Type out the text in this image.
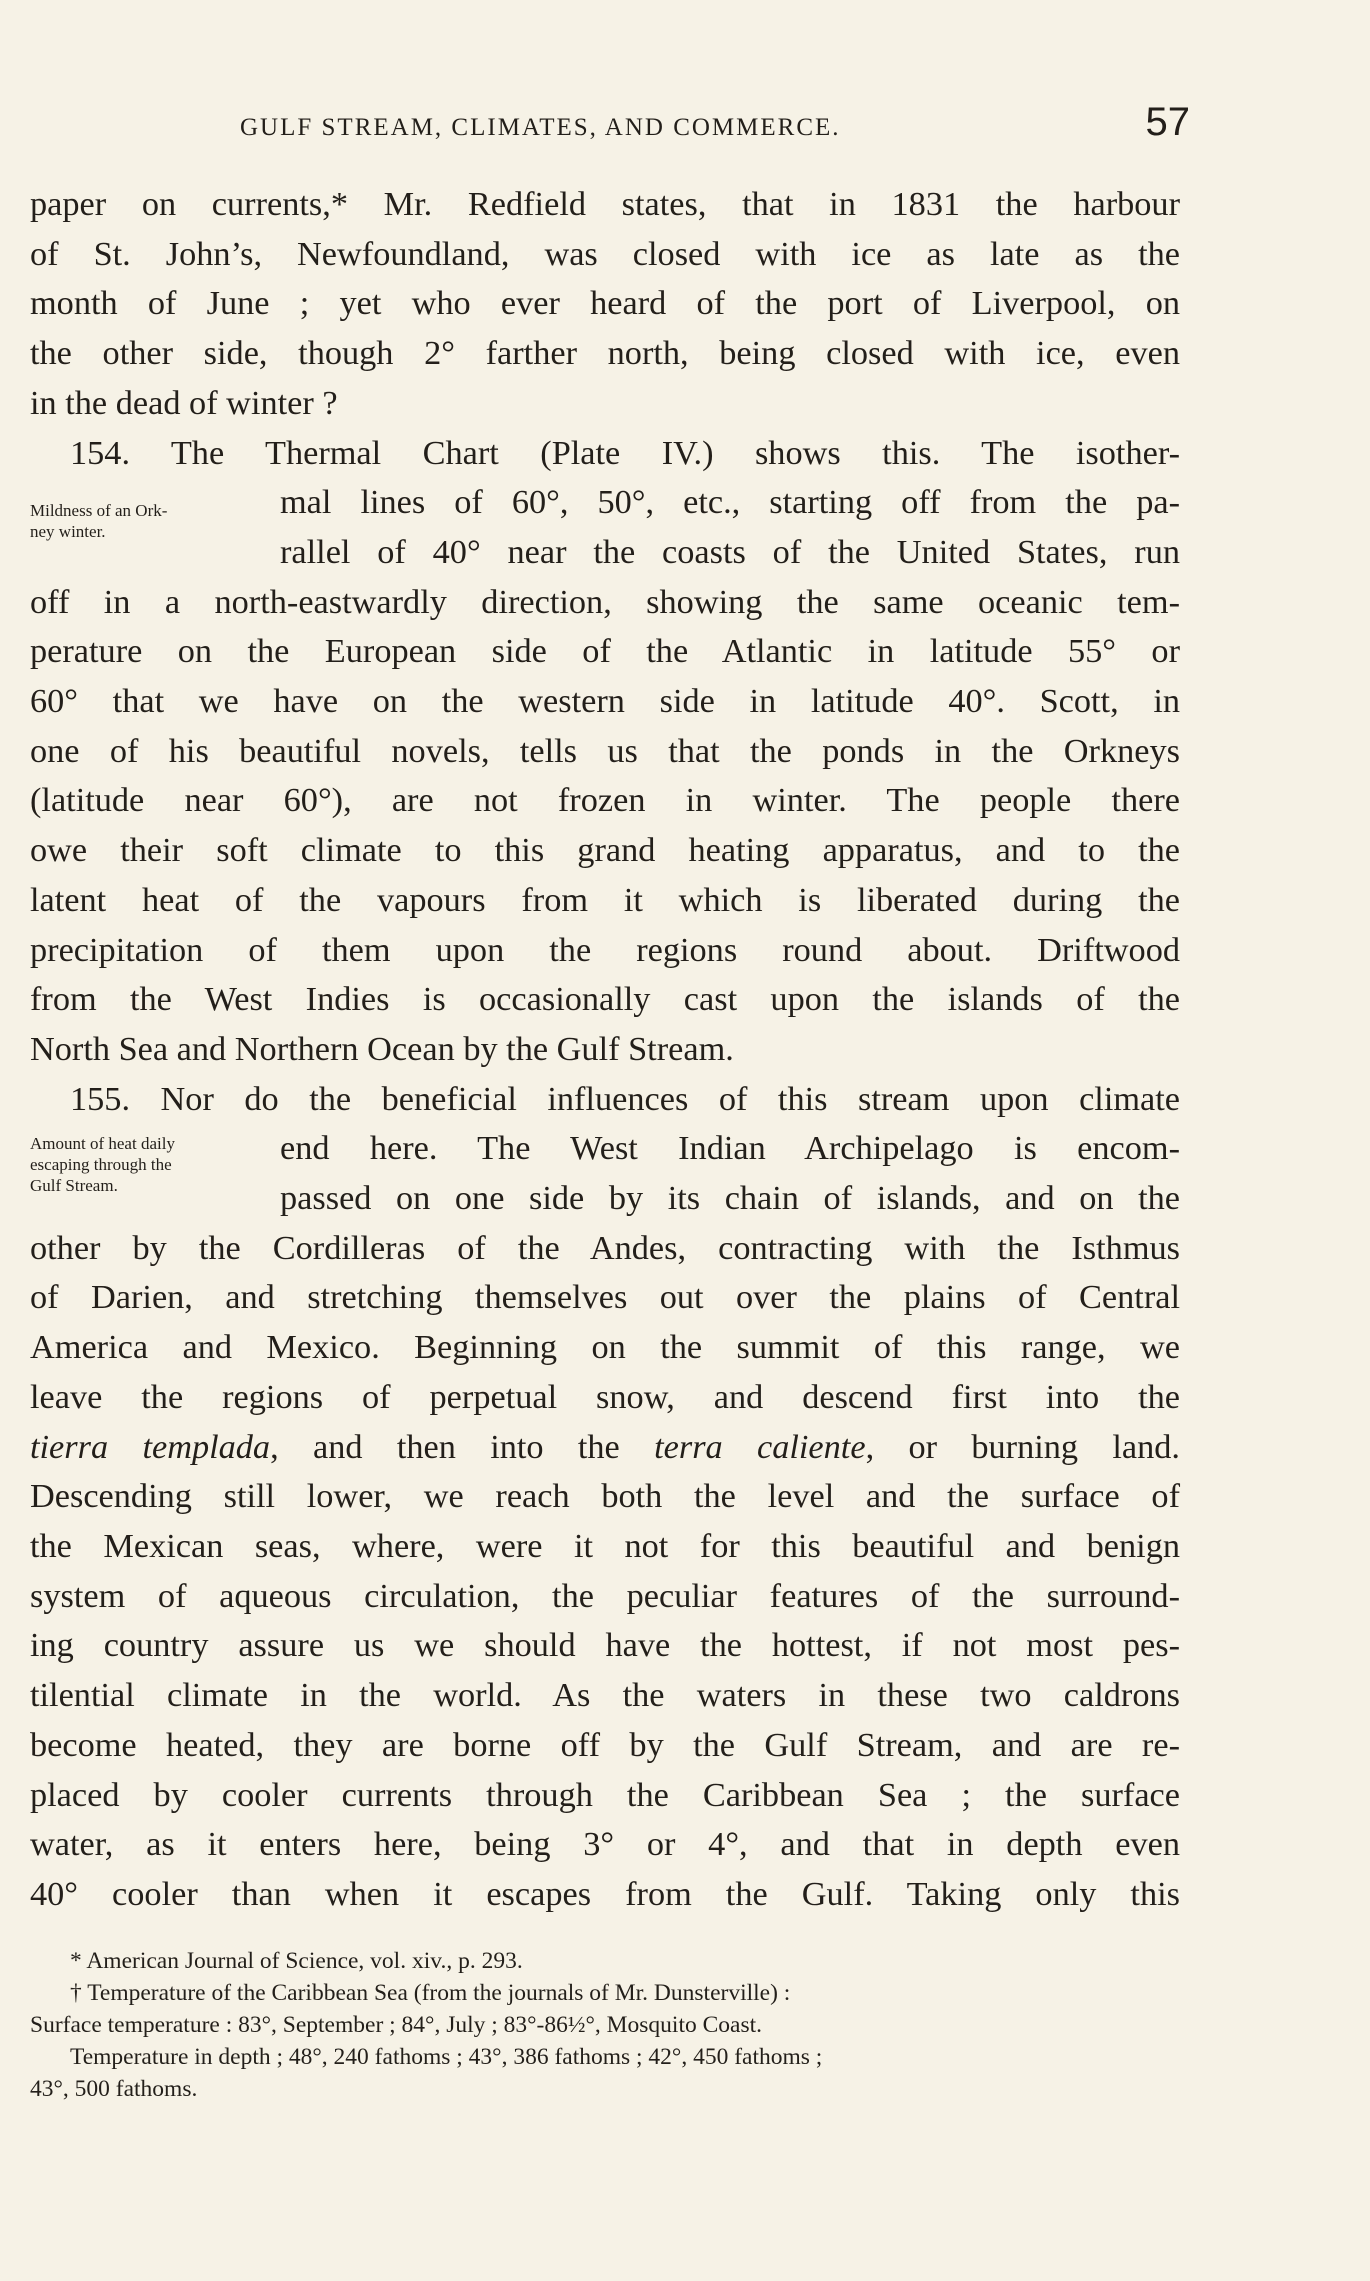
GULF STREAM, CLIMATES, AND COMMERCE.	57
Mildness of an Ork-
ney winter.
Amount of heat daily
escaping through the
Gulf Stream.
paper on currents,* Mr. Redfield states, that in 1831 the harbour
of St. John’s, Newfoundland, was closed with ice as late as the
month of June ; yet who ever heard of the port of Liverpool, on
the other side, though 2° farther north, being closed with ice, even
in the dead of winter ?
154. The Thermal Chart (Plate IV.) shows this. The isother-
mal lines of 60°, 50°, etc., starting off from the pa-
rallel of 40° near the coasts of the United States, run
off in a north-eastwardly direction, showing the same oceanic tem-
perature on the European side of the Atlantic in latitude 55° or
60° that we have on the western side in latitude 40°. Scott, in
one of his beautiful novels, tells us that the ponds in the Orkneys
(latitude near 60°), are not frozen in winter. The people there
owe their soft climate to this grand heating apparatus, and to the
latent heat of the vapours from it which is liberated during the
precipitation of them upon the regions round about. Driftwood
from the West Indies is occasionally cast upon the islands of the
North Sea and Northern Ocean by the Gulf Stream.
155. Nor do the beneficial influences of this stream upon climate
end here. The West Indian Archipelago is encom-
passed on one side by its chain of islands, and on the
other by the Cordilleras of the Andes, contracting with the Isthmus
of Darien, and stretching themselves out over the plains of Central
America and Mexico. Beginning on the summit of this range, we
leave the regions of perpetual snow, and descend first into the
tierra templada, and then into the terra caliente, or burning land.
Descending still lower, we reach both the level and the surface of
the Mexican seas, where, were it not for this beautiful and benign
system of aqueous circulation, the peculiar features of the surround-
ing country assure us we should have the hottest, if not most pes-
tilential climate in the world. As the waters in these two caldrons
become heated, they are borne off by the Gulf Stream, and are re-
placed by cooler currents through the Caribbean Sea ; the surface
water, as it enters here, being 3° or 4°, and that in depth even
40° cooler than when it escapes from the Gulf. Taking only this
* American Journal of Science, vol. xiv., p. 293.
† Temperature of the Caribbean Sea (from the journals of Mr. Dunsterville) :
Surface temperature : 83°, September ; 84°, July ; 83°-86½°, Mosquito Coast.
Temperature in depth ; 48°, 240 fathoms ; 43°, 386 fathoms ; 42°, 450 fathoms ;
43°, 500 fathoms.
